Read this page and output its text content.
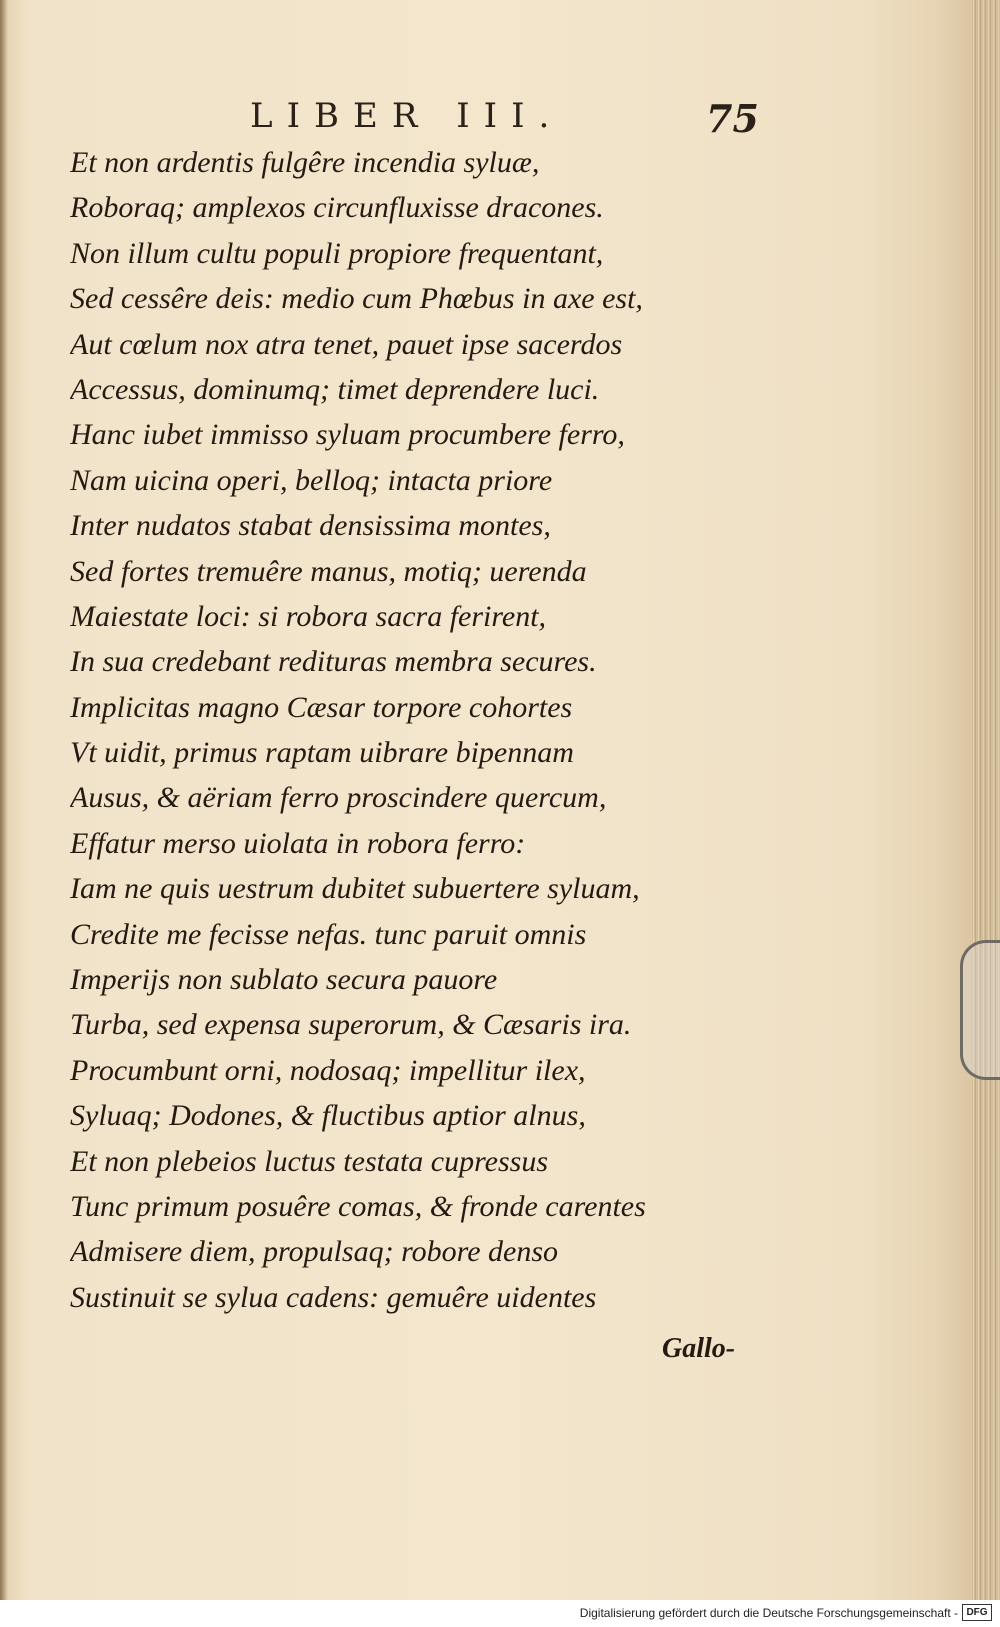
LIBER III.	75
Et non ardentis fulgêre incendia syluæ,
Roboraq; amplexos circunfluxisse dracones.
Non illum cultu populi propiore frequentant,
Sed cessêre deis: medio cum Phœbus in axe est,
Aut cœlum nox atra tenet, pauet ipse sacerdos
Accessus, dominumq; timet deprendere luci.
Hanc iubet immisso syluam procumbere ferro,
Nam uicina operi, belloq; intacta priore
Inter nudatos stabat densissima montes,
Sed fortes tremuêre manus, motiq; uerenda
Maiestate loci: si robora sacra ferirent,
In sua credebant redituras membra secures.
Implicitas magno Cæsar torpore cohortes
Vt uidit, primus raptam uibrare bipennam
Ausus, & aëriam ferro proscindere quercum,
Effatur merso uiolata in robora ferro:
Iam ne quis uestrum dubitet subuertere syluam,
Credite me fecisse nefas. tunc paruit omnis
Imperijs non sublato secura pauore
Turba, sed expensa superorum, & Cæsaris ira.
Procumbunt orni, nodosaq; impellitur ilex,
Syluaq; Dodones, & fluctibus aptior alnus,
Et non plebeios luctus testata cupressus
Tunc primum posuêre comas, & fronde carentes
Admisere diem, propulsaq; robore denso
Sustinuit se sylua cadens: gemuêre uidentes
Gallo-
Digitalisierung gefördert durch die Deutsche Forschungsgemeinschaft - DFG
